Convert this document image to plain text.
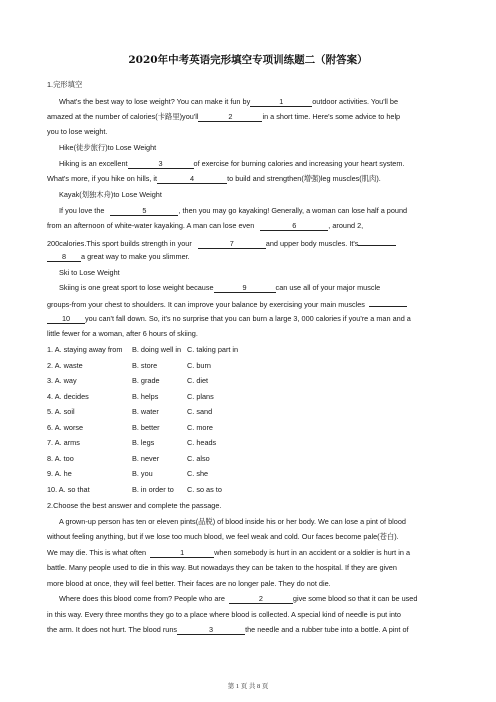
2020年中考英语完形填空专项训练题二（附答案）
1.完形填空
What's the best way to lose weight? You can make it fun by	1	outdoor activities. You'll be
amazed at the number of calories(卡路里)you'll	2	in a short time. Here's some advice to help
you to lose weight.
Hike(徒步旅行)to Lose Weight
Hiking is an excellent	3	of exercise for burning calories and increasing your heart system.
What's more, if you hike on hills, it	4	to build and strengthen(增强)leg muscles(肌肉).
Kayak(划独木舟)to Lose Weight
If you love the	5	, then you may go kayaking! Generally, a woman can lose half a pound
from an afternoon of white-water kayaking. A man can lose even	6	, around 2,
200calories.This sport builds strength in your	7	and upper body muscles. It's
8 a great way to make you slimmer.
Ski to Lose Weight
Skiing is one great sport to lose weight because	9	can use all of your major muscle
groups-from your chest to shoulders. It can improve your balance by exercising your main muscles
10 you can't fall down. So, it's no surprise that you can burn a large 3, 000 calories if you're a man and a
little fewer for a woman, after 6 hours of skiing.
1. A. staying away from B. doing well in C. taking part in
2. A. waste	B. store	C. burn
3. A. way	B. grade	C. diet
4. A. decides	B. helps	C. plans
5. A. soil	B. water	C. sand
6. A. worse	B. better	C. more
7. A. arms	B. legs	C. heads
8. A. too	B. never	C. also
9. A. he	B. you	C. she
10. A. so that	B. in order to C. so as to
2.Choose the best answer and complete the passage.
A grown-up person has ten or eleven pints(品脱) of blood inside his or her body. We can lose a pint of blood
without feeling anything, but if we lose too much blood, we feel weak and cold. Our faces become pale(苍白).
We may die. This is what often	1	when somebody is hurt in an accident or a soldier is hurt in a
battle. Many people used to die in this way. But nowadays they can be taken to the hospital. If they are given
more blood at once, they will feel better. Their faces are no longer pale. They do not die.
Where does this blood come from? People who are	2	give some blood so that it can be used
in this way. Every three months they go to a place where blood is collected. A special kind of needle is put into
the arm. It does not hurt. The blood runs	3	the needle and a rubber tube into a bottle. A pint of
第 1 页 共 8 页
